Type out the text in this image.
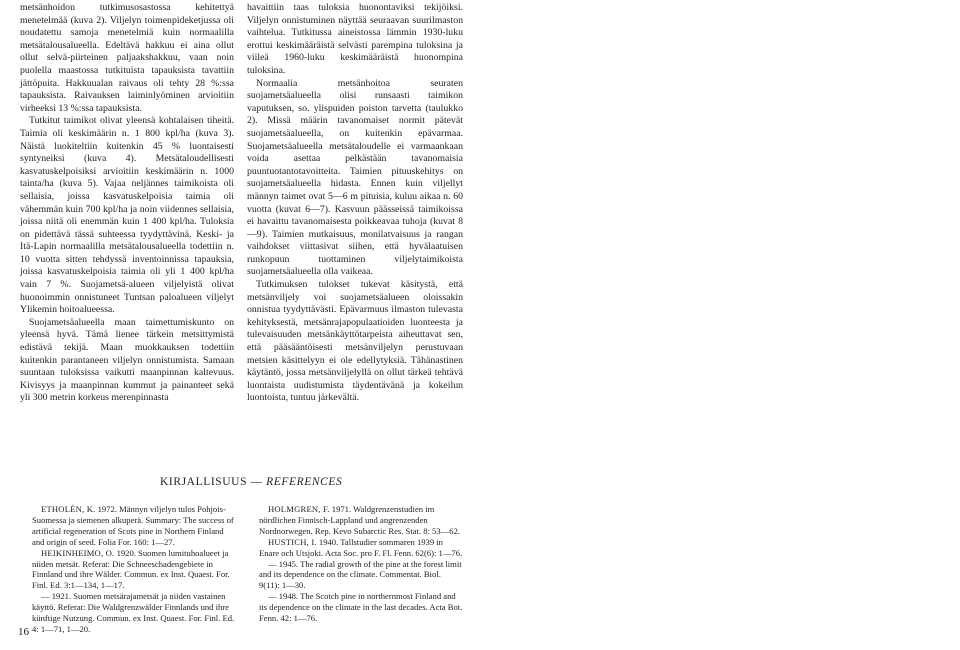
metsänhoidon tutkimusosastossa kehitettyä menetelmää (kuva 2). Viljelyn toimenpideketjussa oli noudatettu samoja menetelmiä kuin normaalilla metsätalousalueella. Edeltävä hakkuu ei aina ollut ollut selvä-piirteinen paljaakshakkuu, vaan noin puolella maastossa tutkituista tapauksista tavattiin jättöpuita. Hakkuualan raivaus oli tehty 28 %:ssa tapauksista. Raivauksen laiminlyöminen arvioitiin virheeksi 13 %:ssa tapauksista.

Tutkitut taimikot olivat yleensä kohtalaisen tiheitä. Taimia oli keskimäärin n. 1 800 kpl/ha (kuva 3). Näistä luokiteltiin kuitenkin 45 % luontaisesti syntyneiksi (kuva 4). Metsätaloudellisesti kasvatuskelpoisiksi arvioitiin keskimäärin n. 1000 tainta/ha (kuva 5). Vajaa neljännes taimikoista oli sellaisia, joissa kasvatuskelpoisia taimia oli vähemmän kuin 700 kpl/ha ja noin viidennes sellaisia, joissa niitä oli enemmän kuin 1 400 kpl/ha. Tuloksia on pidettävä tässä suhteessa tyydyttävinä. Keski- ja Itä-Lapin normaalilla metsätalousalueella todettiin n. 10 vuotta sitten tehdyssä inventoinnissa tapauksia, joissa kasvatuskelpoisia taimia oli yli 1 400 kpl/ha vain 7 %. Suojametsä-alueen viljelyistä olivat huonoimmin onnistuneet Tuntsan paloalueen viljelyt Ylikemin hoitoalueessa.

Suojametsäalueella maan taimettumiskunto on yleensä hyvä. Tämä lienee tärkein metsittymistä edistävä tekijä. Maan muokkauksen todettiin kuitenkin parantaneen viljelyn onnistumista. Samaan suuntaan tuloksissa vaikutti maanpinnan kaltevuus. Kivisyys ja maanpinnan kummut ja painanteet sekä yli 300 metrin korkeus merenpinnasta

havaittiin taas tuloksia huonontaviksi tekijöiksi. Viljelyn onnistuminen näyttää seuraavan suurilmaston vaihtelua. Tutkitussa aineistossa lämmin 1930-luku erottui keskimääräistä selvästi parempina tuloksina ja viileä 1960-luku keskimääräistä huonompina tuloksina.

Normaalia metsänhoitoa seuraten suojametsäalueella olisi runsaasti taimikon vaputuksen, so. ylispuiden poiston tarvetta (taulukko 2). Missä määrin tavanomaiset normit pätevät suojametsäalueella, on kuitenkin epävarmaa. Suojametsäalueella metsätaloudelle ei varmaankaan voida asettaa pelkästään tavanomaisia puuntuotantotavoitteita. Taimien pituuskehitys on suojametsäalueella hidasta. Ennen kuin viljellyt männyn taimet ovat 5—6 m pituisia, kuluu aikaa n. 60 vuotta (kuvat 6—7). Kasvuun päässeissä taimikoissa ei havaittu tavanomaisesta poikkeavaa tuhoja (kuvat 8—9). Taimien mutkaisuus, monilatvaisuus ja rangan vaihdokset viittasivat siihen, että hyvälaatuisen runkopuun tuottaminen viljelytaimikoista suojametsäalueella olla vaikeaa.

Tutkimuksen tulokset tukevat käsitystä, että metsänviljely voi suojametsäalueen oloissakin onnistua tyydyttävästi. Epävarmuus ilmaston tulevasta kehityksestä, metsänrajapopulaatioiden luonteesta ja tulevaisuuden metsänkäyttötarpeista aiheuttavat sen, että pääsääntöisesti metsänviljelyn perustuvaan metsien käsittelyyn ei ole edellytyksiä. Tähänastinen käytäntö, jossa metsänviljelyllä on ollut tärkeä tehtävä luontaista uudistumista täydentävänä ja kokeilun luontoista, tuntuu järkevältä.

KIRJALLISUUS — REFERENCES

ETHOLÉN, K. 1972. Männyn viljelyn tulos Pohjois-Suomessa ja siemenen alkuperä. Summary: The success of artificial regeneration of Scots pine in Northern Finland and origin of seed. Folia For. 160: 1—27.

HEIKINHEIMO, O. 1920. Suomen lumituhoalueet ja niiden metsät. Referat: Die Schneeschadengebiete in Finnland und ihre Wälder. Commun. ex Inst. Quaest. For. Finl. Ed. 3:1—134, 1—17.

— 1921. Suomen metsärajametsät ja niiden vastainen käyttö. Referat: Die Waldgrenzwälder Finnlands und ihre künftige Nutzung. Commun. ex Inst. Quaest. For. Finl. Ed. 4: 1—71, 1—20.

HOLMGREN, F. 1971. Waldgrenzenstudien im nördlichen Finnisch-Lappland und angrenzenden Nordnorwegen. Rep. Kevo Subarctic Res. Stat. 8: 53—62.

HUSTICH, I. 1940. Tallstudier sommaren 1939 in Enare och Utsjoki. Acta Soc. pro F. Fl. Fenn. 62(6): 1—76.

— 1945. The radial growth of the pine at the forest limit and its dependence on the climate. Commentat. Biol. 9(11): 1—30.

— 1948. The Scotch pine in northernmost Finland and its dependence on the climate in the last decades. Acta Bot. Fenn. 42: 1—76.

16
